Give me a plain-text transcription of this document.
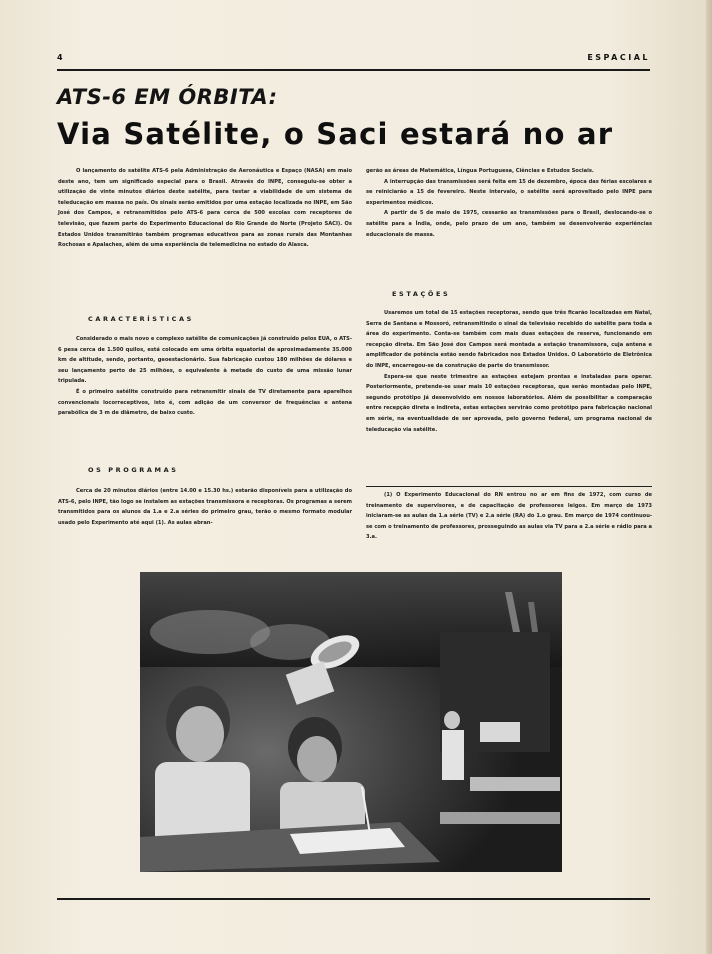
4	ESPACIAL
ATS-6 EM ÓRBITA:
Via Satélite, o Saci estará no ar

O lançamento do satélite ATS-6 pela Administração de Aeronáutica e Espaço (NASA) em maio deste ano, tem um significado especial para o Brasil. Através do INPE, conseguiu-se obter a utilização de vinte minutos diários deste satélite, para testar a viabilidade de um sistema de teleducação em massa no país. Os sinais serão emitidos por uma estação localizada no INPE, em São José dos Campos, e retransmitidos pelo ATS-6 para cerca de 500 escolas com receptores de televisão, que fazem parte do Experimento Educacional do Rio Grande do Norte (Projeto SACI). Os Estados Unidos transmitirão também programas educativos para as zonas rurais das Montanhas Rochosas e Apalaches, além de uma experiência de telemedicina no estado do Alasca.

CARACTERÍSTICAS

Considerado o mais novo e complexo satélite de comunicações já construído pelos EUA, o ATS-6 pesa cerca de 1.500 quilos, está colocado em uma órbita equatorial de aproximadamente 35.000 km de altitude, sendo, portanto, geoestacionário. Sua fabricação custou 180 milhões de dólares e seu lançamento perto de 25 milhões, o equivalente à metade do custo de uma missão lunar tripulada.

É o primeiro satélite construído para retransmitir sinais de TV diretamente para aparelhos convencionais locorreceptivos, isto é, com adição de um conversor de frequências e antena parabólica de 3 m de diâmetro, de baixo custo.

OS PROGRAMAS

Cerca de 20 minutos diários (entre 14.00 e 15.30 hs.) estarão disponíveis para a utilização do ATS-6, pelo INPE, tão logo se instalem as estações transmissora e receptoras. Os programas a serem transmitidos para os alunos da 1.a e 2.a séries do primeiro grau, terão o mesmo formato modular usado pelo Experimento até aqui (1). As aulas abran-

gerão as áreas de Matemática, Língua Portuguesa, Ciências e Estudos Sociais.

A interrupção das transmissões será feita em 15 de dezembro, época das férias escolares e se reiniciarão a 15 de fevereiro. Neste intervalo, o satélite será aproveitado pelo INPE para experimentos médicos.

A partir de 5 de maio de 1975, cessarão as transmissões para o Brasil, deslocando-se o satélite para a Índia, onde, pelo prazo de um ano, também se desenvolverão experiências educacionais de massa.

ESTAÇÕES

Usaremos um total de 15 estações receptoras, sendo que três ficarão localizadas em Natal, Serra de Santana e Mossoró, retransmitindo o sinal da televisão recebido do satélite para toda a área do experimento. Conta-se também com mais duas estações de reserva, funcionando em recepção direta. Em São José dos Campos será montada a estação transmissora, cuja antena e amplificador de potência estão sendo fabricados nos Estados Unidos. O Laboratório de Eletrônica do INPE, encarregou-se da construção de parte do transmissor.

Espera-se que neste trimestre as estações estejam prontas e instaladas para operar. Posteriormente, pretende-se usar mais 10 estações receptoras, que serão montadas pelo INPE, segundo protótipo já desenvolvido em nossos laboratórios. Além de possibilitar a comparação entre recepção direta e indireta, estas estações servirão como protótipo para fabricação nacional em série, na eventualidade de ser aprovada, pelo governo federal, um programa nacional de teleducação via satélite.

(1) O Experimento Educacional do RN entrou no ar em fins de 1972, com curso de treinamento de supervisores, e de capacitação de professores leigos. Em março de 1973 iniciaram-se as aulas da 1.a série (TV) e 2.a série (RA) do 1.o grau. Em março de 1974 continuou-se com o treinamento de professores, prosseguindo as aulas via TV para a 2.a série e rádio para a 3.a.
